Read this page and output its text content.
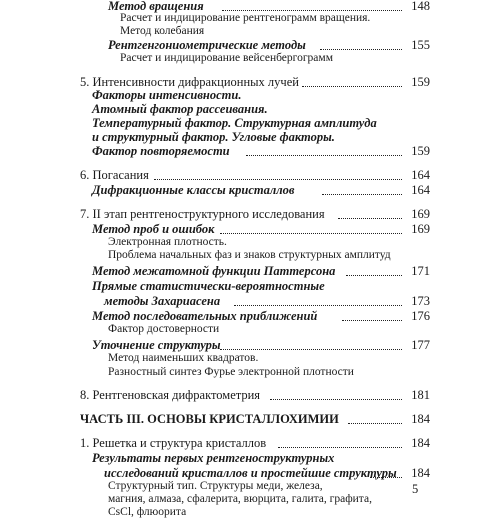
Метод вращения	148
Расчет и индицирование рентгенограмм вращения.
Метод колебания
Рентгенгониометрические методы	155
Расчет и индицирование вейсенбергограмм
5. Интенсивности дифракционных лучей	159
Факторы интенсивности.
Атомный фактор рассеивания.
Температурный фактор. Структурная амплитуда
и структурный фактор. Угловые факторы.
Фактор повторяемости	159
6. Погасания	164
Дифракционные классы кристаллов	164
7. II этап рентгеноструктурного исследования	169
Метод проб и ошибок	169
Электронная плотность.
Проблема начальных фаз и знаков структурных амплитуд
Метод межатомной функции Паттерсона	171
Прямые статистически-вероятностные
методы Захариасена	173
Метод последовательных приближений	176
Фактор достоверности
Уточнение структуры	177
Метод наименьших квадратов.
Разностный синтез Фурье электронной плотности
8. Рентгеновская дифрактометрия	181
ЧАСТЬ III. ОСНОВЫ КРИСТАЛЛОХИМИИ	184
1. Решетка и структура кристаллов	184
Результаты первых рентгеноструктурных
исследований кристаллов и простейшие структуры	184
Структурный тип. Структуры меди, железа,
магния, алмаза, сфалерита, вюрцита, галита, графита,
CsCl, флюорита
5
